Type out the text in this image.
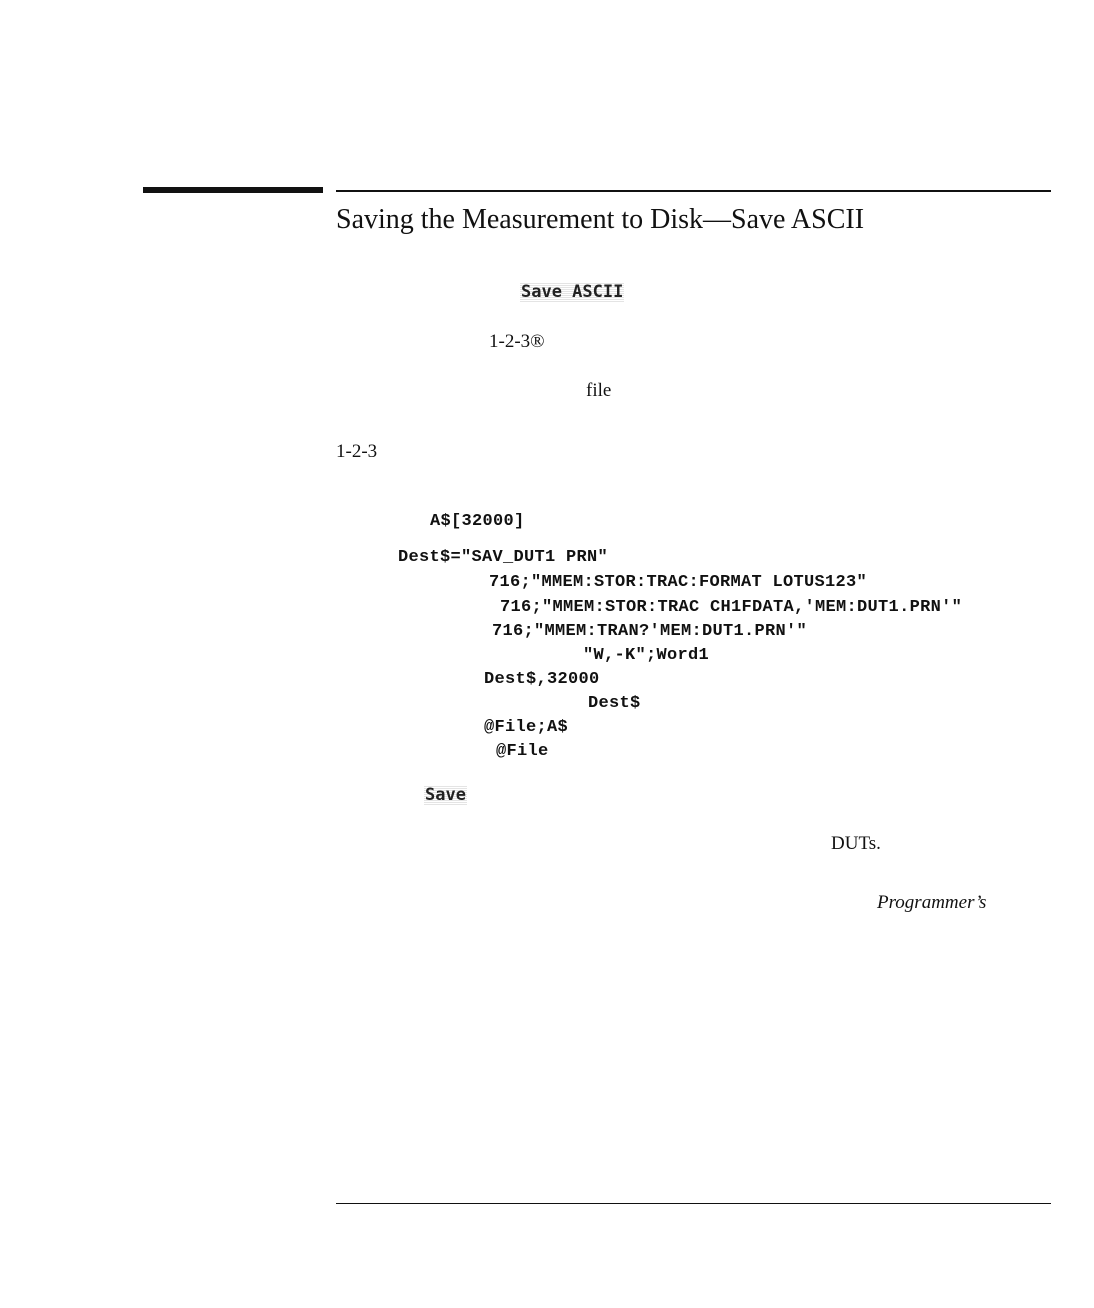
Saving the Measurement to Disk—Save ASCII
Save ASCII
1-2-3®
file
1-2-3
A$[32000]
Dest$="SAV_DUT1 PRN"
716;"MMEM:STOR:TRAC:FORMAT LOTUS123"
716;"MMEM:STOR:TRAC CH1FDATA,'MEM:DUT1.PRN'"
716;"MMEM:TRAN?'MEM:DUT1.PRN'"
"W,-K";Word1
Dest$,32000
Dest$
@File;A$
@File
Save
DUTs.
Programmer’s
